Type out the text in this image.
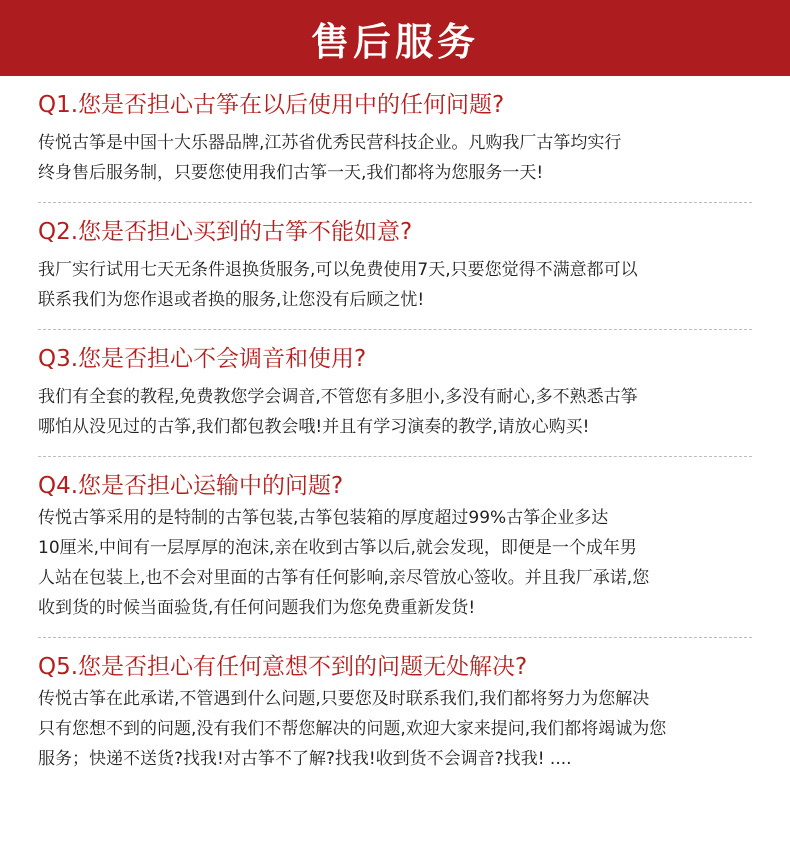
售后服务
Q1.您是否担心古筝在以后使用中的任何问题?
传悦古筝是中国十大乐器品牌,江苏省优秀民营科技企业。凡购我厂古筝均实行
终身售后服务制，只要您使用我们古筝一天,我们都将为您服务一天!
Q2.您是否担心买到的古筝不能如意?
我厂实行试用七天无条件退换货服务,可以免费使用7天,只要您觉得不满意都可以
联系我们为您作退或者换的服务,让您没有后顾之忧!
Q3.您是否担心不会调音和使用?
我们有全套的教程,免费教您学会调音,不管您有多胆小,多没有耐心,多不熟悉古筝
哪怕从没见过的古筝,我们都包教会哦!并且有学习演奏的教学,请放心购买!
Q4.您是否担心运输中的问题?
传悦古筝采用的是特制的古筝包装,古筝包装箱的厚度超过99%古筝企业多达
10厘米,中间有一层厚厚的泡沫,亲在收到古筝以后,就会发现，即便是一个成年男
人站在包装上,也不会对里面的古筝有任何影响,亲尽管放心签收。并且我厂承诺,您
收到货的时候当面验货,有任何问题我们为您免费重新发货!
Q5.您是否担心有任何意想不到的问题无处解决?
传悦古筝在此承诺,不管遇到什么问题,只要您及时联系我们,我们都将努力为您解决
只有您想不到的问题,没有我们不帮您解决的问题,欢迎大家来提问,我们都将竭诚为您
服务；快递不送货?找我!对古筝不了解?找我!收到货不会调音?找我! ....
